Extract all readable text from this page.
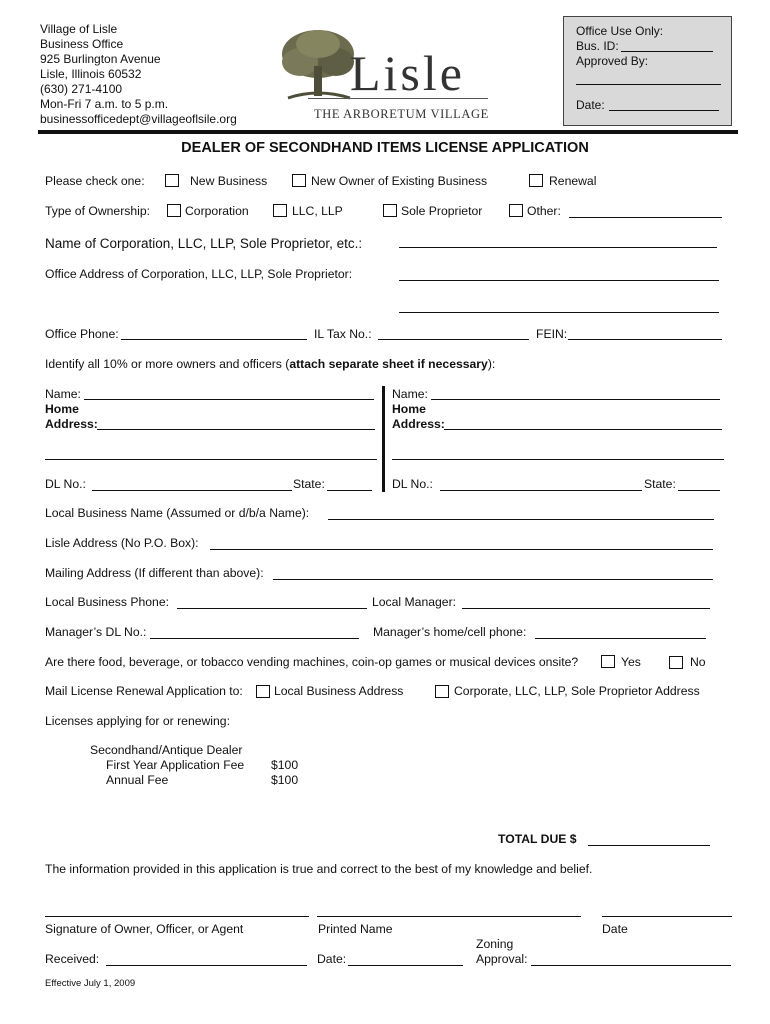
Village of Lisle
Business Office
925 Burlington Avenue
Lisle, Illinois 60532
(630) 271-4100
Mon-Fri 7 a.m. to 5 p.m.
businessofficedept@villageoflsile.org
Lisle
THE ARBORETUM VILLAGE
Office Use Only:
Bus. ID:
Approved By:
Date:
DEALER OF SECONDHAND ITEMS LICENSE APPLICATION
Please check one:	New Business	New Owner of Existing Business	Renewal
Type of Ownership:	Corporation	LLC, LLP	Sole Proprietor	Other:
Name of Corporation, LLC, LLP, Sole Proprietor, etc.:
Office Address of Corporation, LLC, LLP, Sole Proprietor:
Office Phone:	IL Tax No.:	FEIN:
Identify all 10% or more owners and officers (attach separate sheet if necessary):
Name:
Home
Address:
DL No.:	State:
Name:
Home
Address:
DL No.:	State:
Local Business Name (Assumed or d/b/a Name):
Lisle Address (No P.O. Box):
Mailing Address (If different than above):
Local Business Phone:	Local Manager:
Manager’s DL No.:	Manager’s home/cell phone:
Are there food, beverage, or tobacco vending machines, coin-op games or musical devices onsite?	Yes	No
Mail License Renewal Application to:	Local Business Address	Corporate, LLC, LLP, Sole Proprietor Address
Licenses applying for or renewing:
Secondhand/Antique Dealer
First Year Application Fee $100
Annual Fee	$100
TOTAL DUE $
The information provided in this application is true and correct to the best of my knowledge and belief.
Signature of Owner, Officer, or Agent	Printed Name	Date
Zoning
Received:	Date:	Approval:
Effective July 1, 2009
